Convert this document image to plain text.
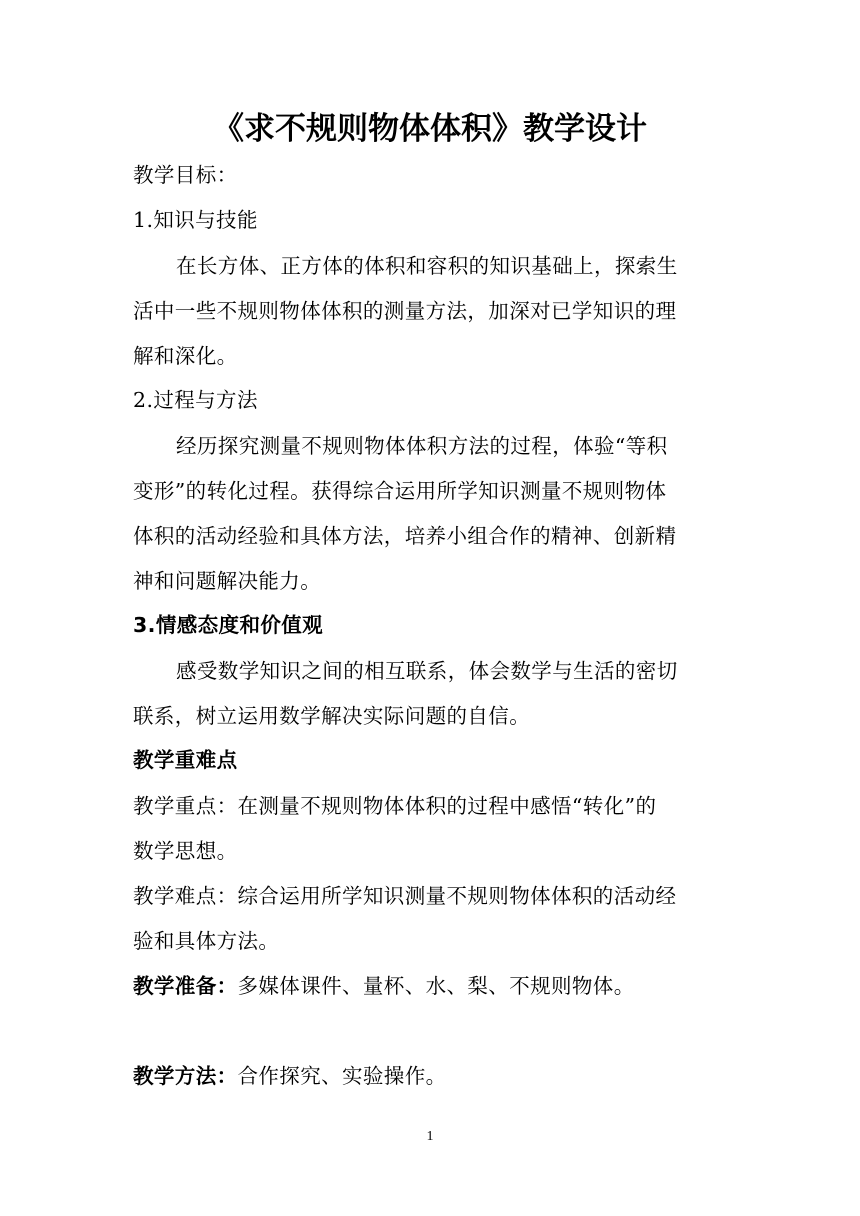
《求不规则物体体积》教学设计
教学目标：
1.知识与技能
在长方体、正方体的体积和容积的知识基础上，探索生
活中一些不规则物体体积的测量方法，加深对已学知识的理
解和深化。
2.过程与方法
经历探究测量不规则物体体积方法的过程，体验“等积
变形”的转化过程。获得综合运用所学知识测量不规则物体
体积的活动经验和具体方法，培养小组合作的精神、创新精
神和问题解决能力。
3.情感态度和价值观
感受数学知识之间的相互联系，体会数学与生活的密切
联系，树立运用数学解决实际问题的自信。
教学重难点
教学重点：在测量不规则物体体积的过程中感悟“转化”的
数学思想。
教学难点：综合运用所学知识测量不规则物体体积的活动经
验和具体方法。
教学准备：多媒体课件、量杯、水、梨、不规则物体。
教学方法：合作探究、实验操作。
1
